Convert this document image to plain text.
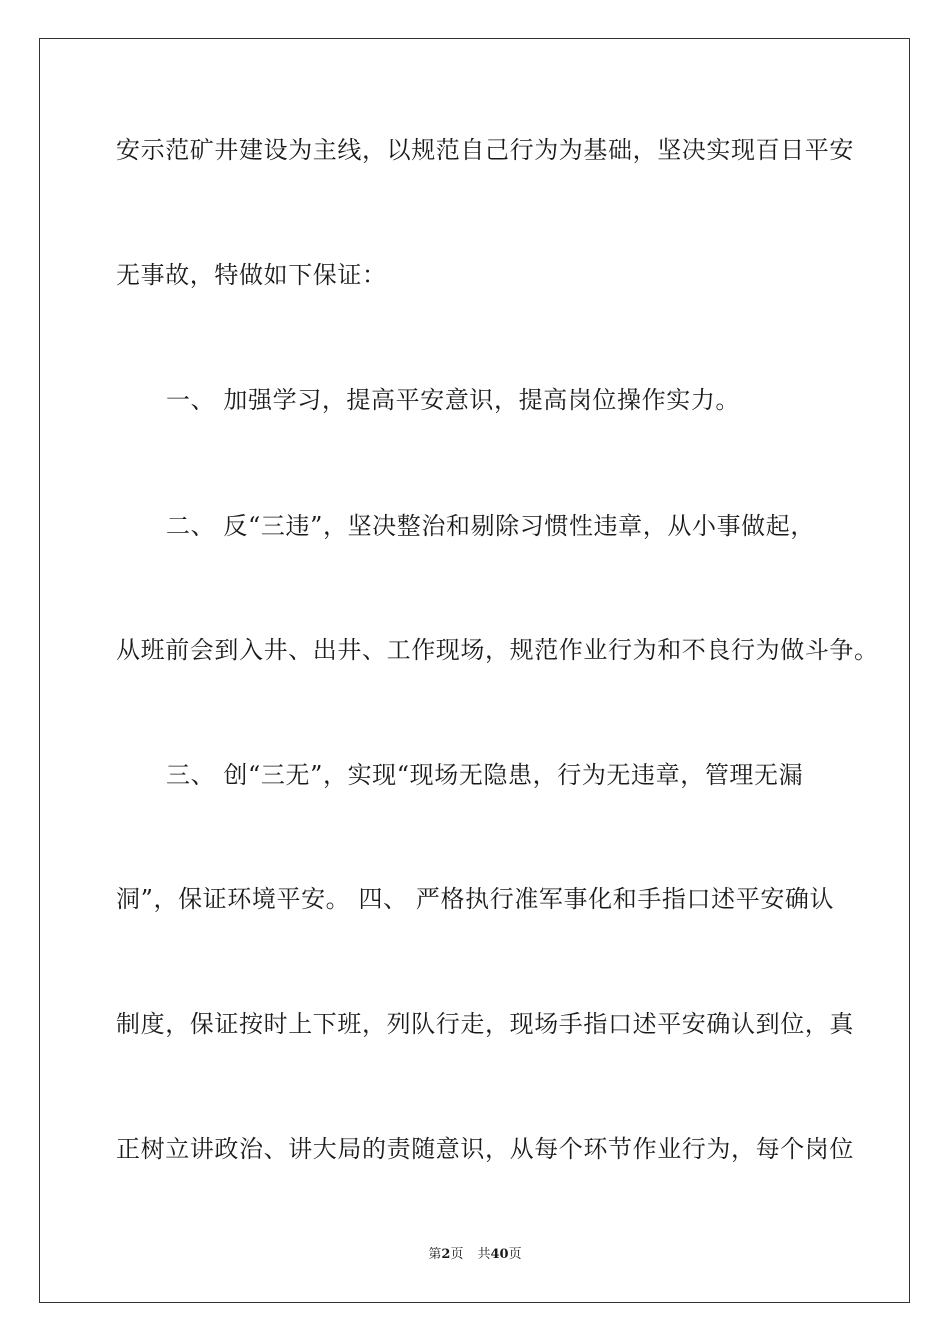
安示范矿井建设为主线，以规范自己行为为基础，坚决实现百日平安
无事故，特做如下保证：
一、 加强学习，提高平安意识，提高岗位操作实力。
二、 反“三违”，坚决整治和剔除习惯性违章，从小事做起，
从班前会到入井、出井、工作现场，规范作业行为和不良行为做斗争。
三、 创“三无”，实现“现场无隐患，行为无违章，管理无漏
洞”，保证环境平安。 四、 严格执行准军事化和手指口述平安确认
制度，保证按时上下班，列队行走，现场手指口述平安确认到位，真
正树立讲政治、讲大局的责随意识，从每个环节作业行为，每个岗位
第2页 共40页
